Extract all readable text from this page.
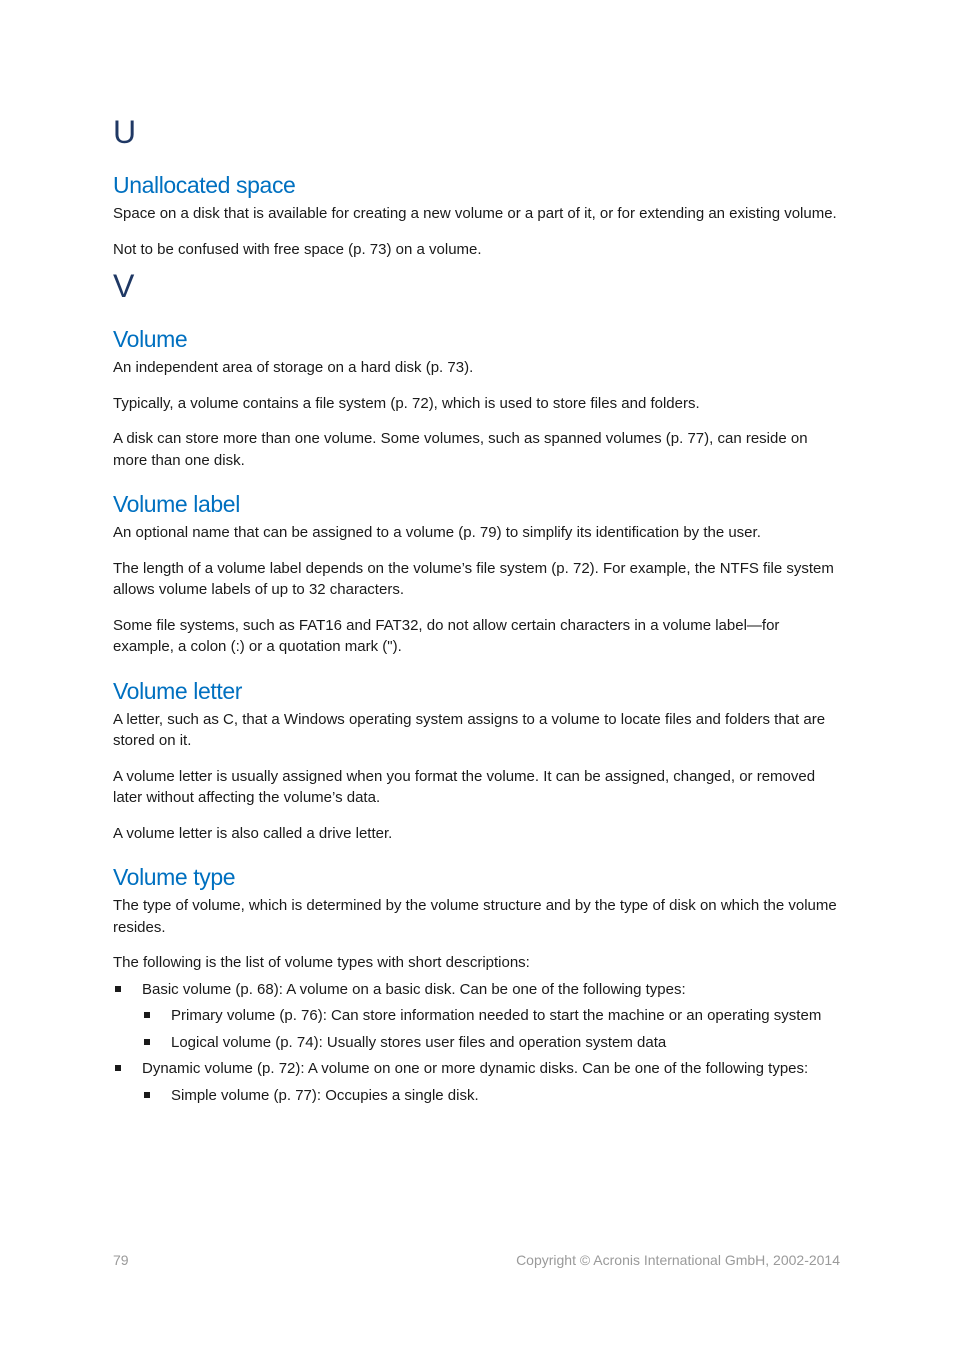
U
Unallocated space

Space on a disk that is available for creating a new volume or a part of it, or for extending an existing volume.

Not to be confused with free space (p. 73) on a volume.

V
Volume

An independent area of storage on a hard disk (p. 73).

Typically, a volume contains a file system (p. 72), which is used to store files and folders.

A disk can store more than one volume. Some volumes, such as spanned volumes (p. 77), can reside on more than one disk.

Volume label

An optional name that can be assigned to a volume (p. 79) to simplify its identification by the user.

The length of a volume label depends on the volume’s file system (p. 72). For example, the NTFS file system allows volume labels of up to 32 characters.

Some file systems, such as FAT16 and FAT32, do not allow certain characters in a volume label—for example, a colon (:) or a quotation mark (").

Volume letter

A letter, such as C, that a Windows operating system assigns to a volume to locate files and folders that are stored on it.

A volume letter is usually assigned when you format the volume. It can be assigned, changed, or removed later without affecting the volume’s data.

A volume letter is also called a drive letter.

Volume type

The type of volume, which is determined by the volume structure and by the type of disk on which the volume resides.

The following is the list of volume types with short descriptions:

Basic volume (p. 68): A volume on a basic disk. Can be one of the following types:
Primary volume (p. 76): Can store information needed to start the machine or an operating system
Logical volume (p. 74): Usually stores user files and operation system data
Dynamic volume (p. 72): A volume on one or more dynamic disks. Can be one of the following types:
Simple volume (p. 77): Occupies a single disk.
79	Copyright © Acronis International GmbH, 2002-2014
